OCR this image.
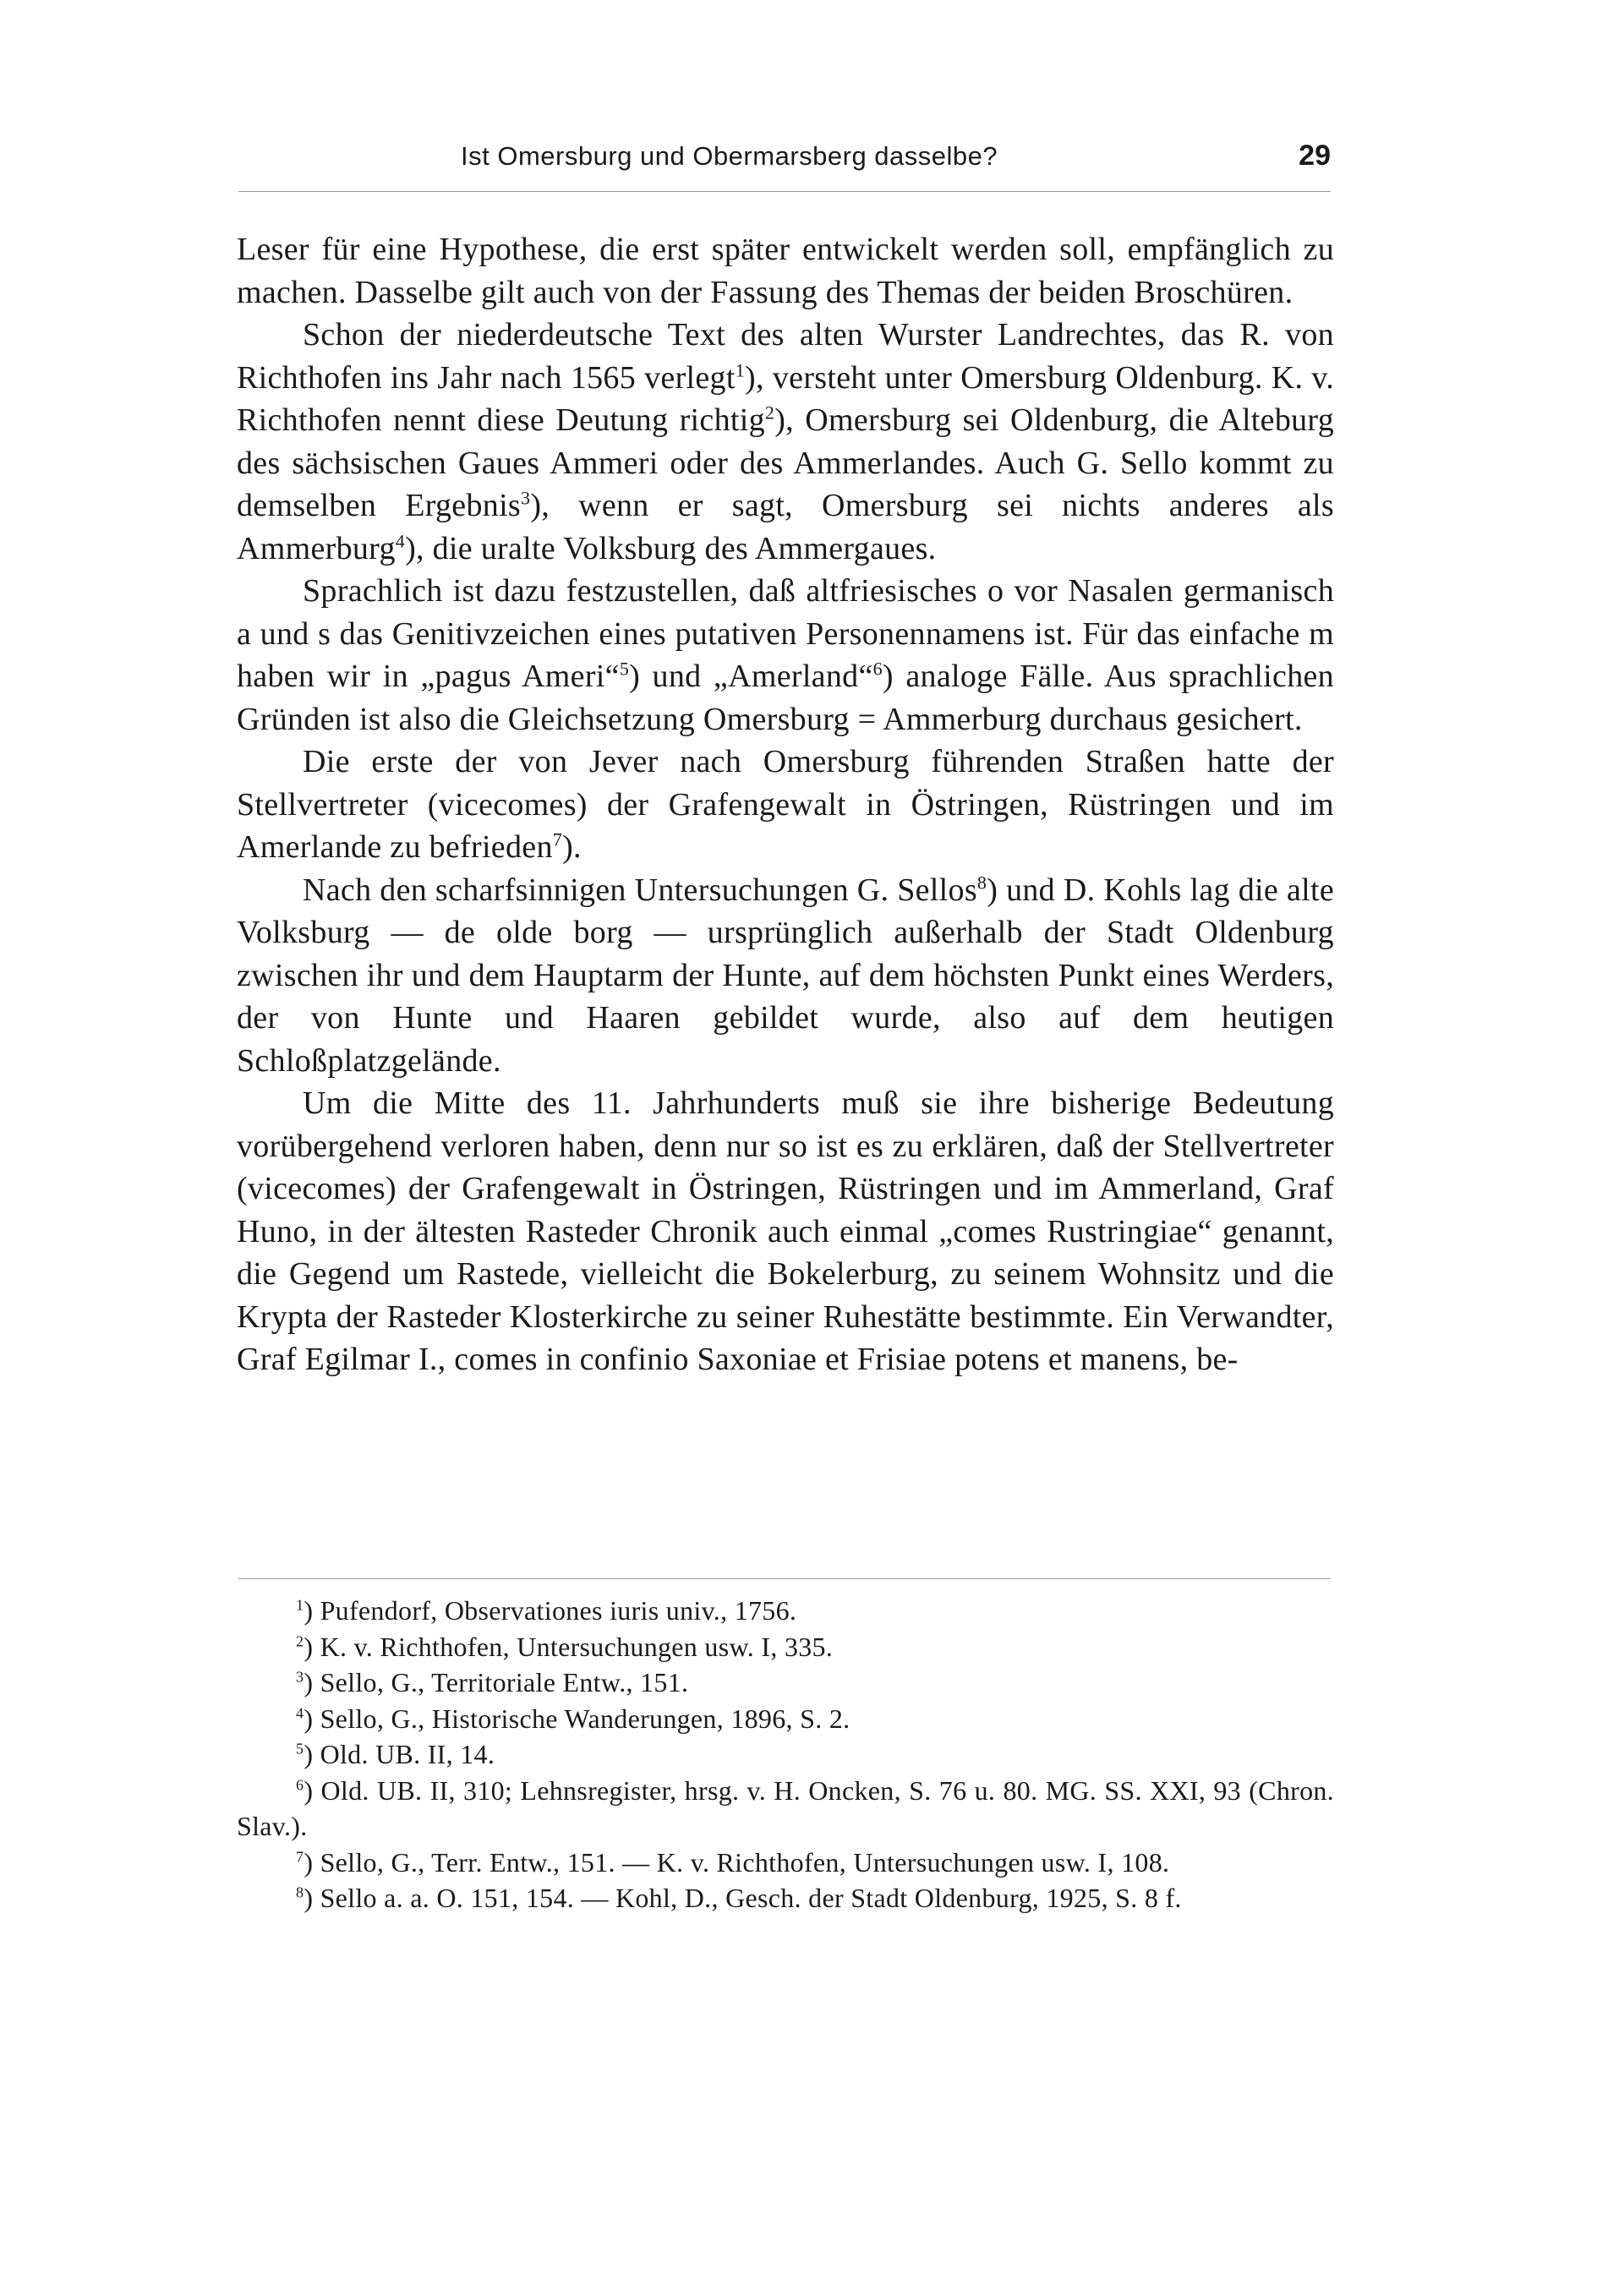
Ist Omersburg und Obermarsberg dasselbe?	29

Leser für eine Hypothese, die erst später entwickelt werden soll, empfänglich zu machen. Dasselbe gilt auch von der Fassung des Themas der beiden Broschüren.

Schon der niederdeutsche Text des alten Wurster Landrechtes, das R. von Richthofen ins Jahr nach 1565 verlegt$^1$), versteht unter Omersburg Oldenburg. K. v. Richthofen nennt diese Deutung richtig$^2$), Omersburg sei Oldenburg, die Alteburg des sächsischen Gaues Ammeri oder des Ammerlandes. Auch G. Sello kommt zu demselben Ergebnis$^3$), wenn er sagt, Omersburg sei nichts anderes als Ammerburg$^4$), die uralte Volksburg des Ammergaues.

Sprachlich ist dazu festzustellen, daß altfriesisches o vor Nasalen germanisch a und s das Genitivzeichen eines putativen Personennamens ist. Für das einfache m haben wir in „pagus Ameri“$^5$) und „Amerland“$^6$) analoge Fälle. Aus sprachlichen Gründen ist also die Gleichsetzung Omersburg = Ammerburg durchaus gesichert.

Die erste der von Jever nach Omersburg führenden Straßen hatte der Stellvertreter (vicecomes) der Grafengewalt in Östringen, Rüstringen und im Amerlande zu befrieden$^7$).

Nach den scharfsinnigen Untersuchungen G. Sellos$^8$) und D. Kohls lag die alte Volksburg — de olde borg — ursprünglich außerhalb der Stadt Oldenburg zwischen ihr und dem Hauptarm der Hunte, auf dem höchsten Punkt eines Werders, der von Hunte und Haaren gebildet wurde, also auf dem heutigen Schloßplatzgelände.

Um die Mitte des 11. Jahrhunderts muß sie ihre bisherige Bedeutung vorübergehend verloren haben, denn nur so ist es zu erklären, daß der Stellvertreter (vicecomes) der Grafengewalt in Östringen, Rüstringen und im Ammerland, Graf Huno, in der ältesten Rasteder Chronik auch einmal „comes Rustringiae“ genannt, die Gegend um Rastede, vielleicht die Bokelerburg, zu seinem Wohnsitz und die Krypta der Rasteder Klosterkirche zu seiner Ruhestätte bestimmte. Ein Verwandter, Graf Egilmar I., comes in confinio Saxoniae et Frisiae potens et manens, be-

$^1$) Pufendorf, Observationes iuris univ., 1756.

$^2$) K. v. Richthofen, Untersuchungen usw. I, 335.

$^3$) Sello, G., Territoriale Entw., 151.

$^4$) Sello, G., Historische Wanderungen, 1896, S. 2.

$^5$) Old. UB. II, 14.

$^6$) Old. UB. II, 310; Lehnsregister, hrsg. v. H. Oncken, S. 76 u. 80. MG. SS. XXI, 93 (Chron. Slav.).

$^7$) Sello, G., Terr. Entw., 151. — K. v. Richthofen, Untersuchungen usw. I, 108.

$^8$) Sello a. a. O. 151, 154. — Kohl, D., Gesch. der Stadt Oldenburg, 1925, S. 8 f.
